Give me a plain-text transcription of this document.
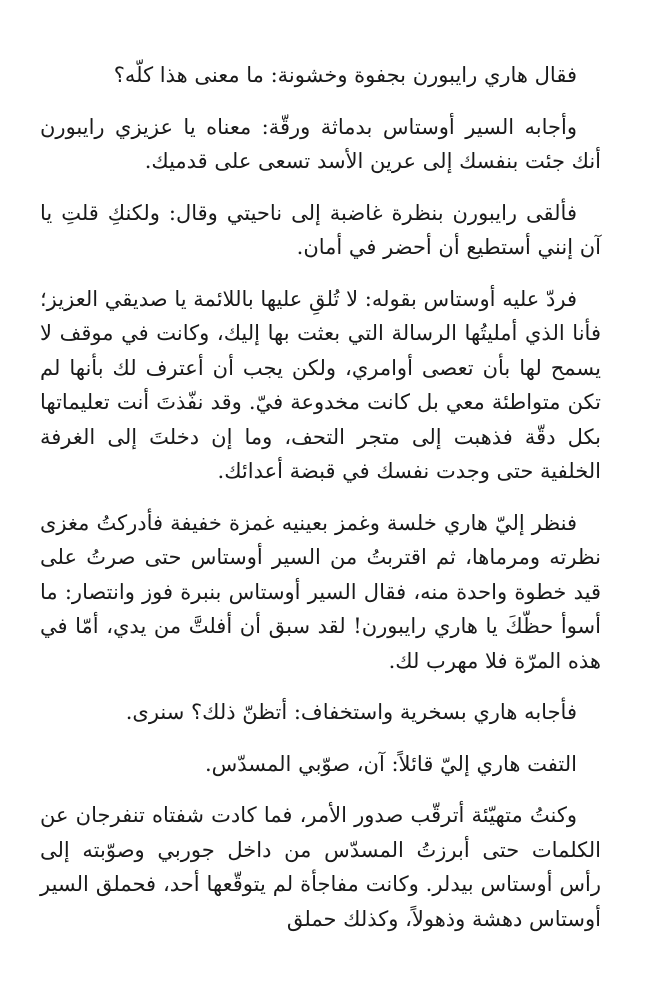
فقال هاري رايبورن بجفوة وخشونة: ما معنى هذا كلّه؟

وأجابه السير أوستاس بدماثة ورقّة: معناه يا عزيزي رايبورن أنك جئت بنفسك إلى عرين الأسد تسعى على قدميك.

فألقى رايبورن بنظرة غاضبة إلى ناحيتي وقال: ولكنكِ قلتِ يا آن إنني أستطيع أن أحضر في أمان.

فردّ عليه أوستاس بقوله: لا تُلقِ عليها باللائمة يا صديقي العزيز؛ فأنا الذي أمليتُها الرسالة التي بعثت بها إليك، وكانت في موقف لا يسمح لها بأن تعصى أوامري، ولكن يجب أن أعترف لك بأنها لم تكن متواطئة معي بل كانت مخدوعة فيّ. وقد نفّذتَ أنت تعليماتها بكل دقّة فذهبت إلى متجر التحف، وما إن دخلتَ إلى الغرفة الخلفية حتى وجدت نفسك في قبضة أعدائك.

فنظر إليّ هاري خلسة وغمز بعينيه غمزة خفيفة فأدركتُ مغزى نظرته ومرماها، ثم اقتربتُ من السير أوستاس حتى صرتُ على قيد خطوة واحدة منه، فقال السير أوستاس بنبرة فوز وانتصار: ما أسوأ حظّكَ يا هاري رايبورن! لقد سبق أن أفلتَّ من يدي، أمّا في هذه المرّة فلا مهرب لك.

فأجابه هاري بسخرية واستخفاف: أتظنّ ذلك؟ سنرى.

التفت هاري إليّ قائلاً: آن، صوّبي المسدّس.

وكنتُ متهيّئة أترقّب صدور الأمر، فما كادت شفتاه تنفرجان عن الكلمات حتى أبرزتُ المسدّس من داخل جوربي وصوّبته إلى رأس أوستاس بيدلر. وكانت مفاجأة لم يتوقّعها أحد، فحملق السير أوستاس دهشة وذهولاً، وكذلك حملق
